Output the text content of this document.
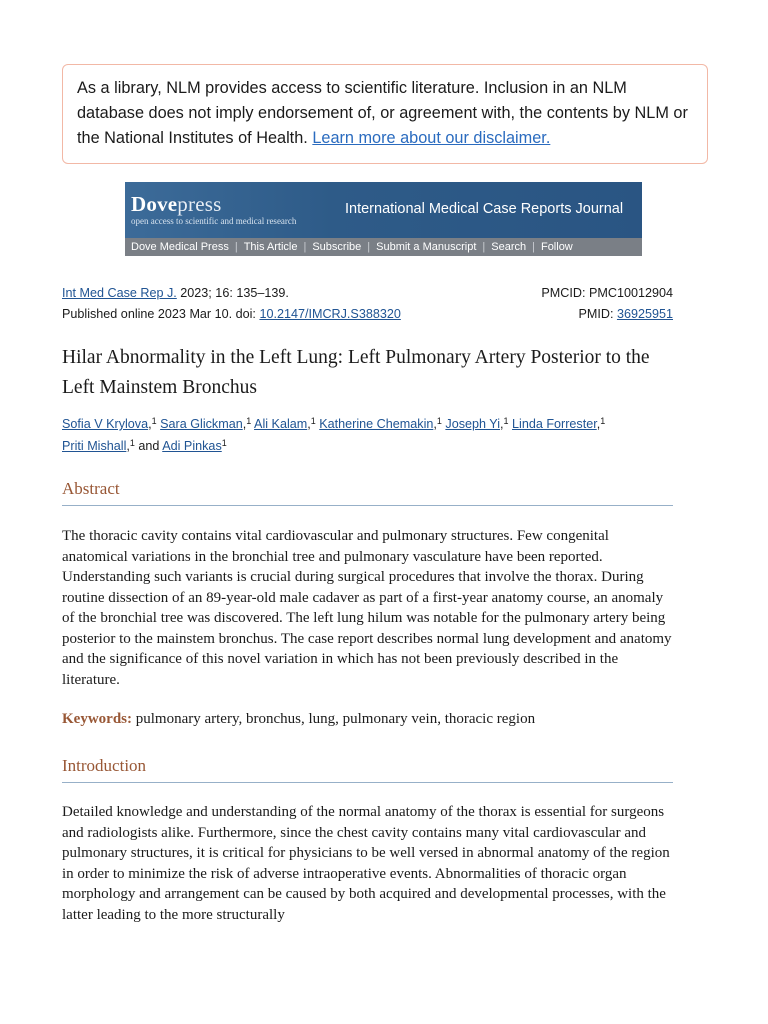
As a library, NLM provides access to scientific literature. Inclusion in an NLM database does not imply endorsement of, or agreement with, the contents by NLM or the National Institutes of Health. Learn more about our disclaimer.
Dovepress
open access to scientific and medical research
International Medical Case Reports Journal
Dove Medical Press | This Article | Subscribe | Submit a Manuscript | Search | Follow
Int Med Case Rep J. 2023; 16: 135–139.	PMCID: PMC10012904
Published online 2023 Mar 10. doi: 10.2147/IMCRJ.S388320	PMID: 36925951
Hilar Abnormality in the Left Lung: Left Pulmonary Artery Posterior to the Left Mainstem Bronchus
Sofia V Krylova,$^1$ Sara Glickman,$^1$ Ali Kalam,$^1$ Katherine Chemakin,$^1$ Joseph Yi,$^1$ Linda Forrester,$^1$
Priti Mishall,$^1$ and Adi Pinkas$^1$
Abstract

The thoracic cavity contains vital cardiovascular and pulmonary structures. Few congenital anatomical variations in the bronchial tree and pulmonary vasculature have been reported. Understanding such variants is crucial during surgical procedures that involve the thorax. During routine dissection of an 89-year-old male cadaver as part of a first-year anatomy course, an anomaly of the bronchial tree was discovered. The left lung hilum was notable for the pulmonary artery being posterior to the mainstem bronchus. The case report describes normal lung development and anatomy and the significance of this novel variation in which has not been previously described in the literature.

Keywords: pulmonary artery, bronchus, lung, pulmonary vein, thoracic region

Introduction

Detailed knowledge and understanding of the normal anatomy of the thorax is essential for surgeons and radiologists alike. Furthermore, since the chest cavity contains many vital cardiovascular and pulmonary structures, it is critical for physicians to be well versed in abnormal anatomy of the region in order to minimize the risk of adverse intraoperative events. Abnormalities of thoracic organ morphology and arrangement can be caused by both acquired and developmental processes, with the latter leading to the more structurally
